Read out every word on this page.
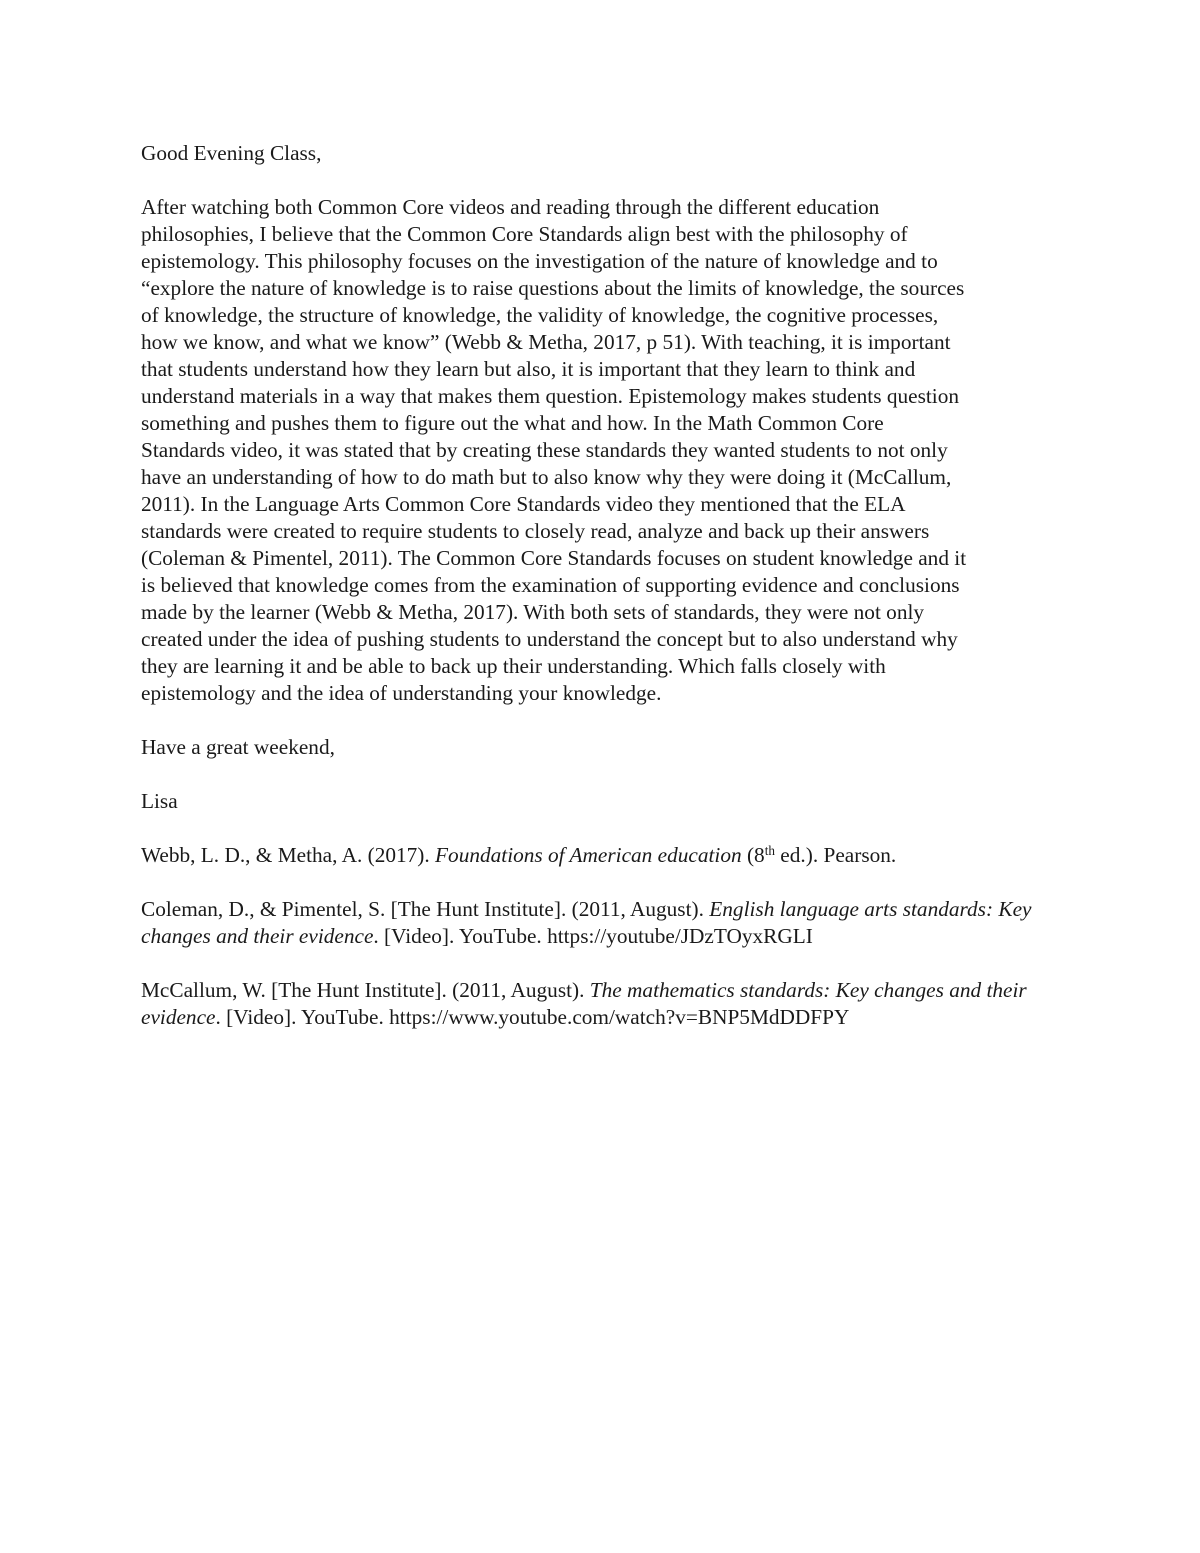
Good Evening Class,

After watching both Common Core videos and reading through the different education
philosophies, I believe that the Common Core Standards align best with the philosophy of
epistemology. This philosophy focuses on the investigation of the nature of knowledge and to
“explore the nature of knowledge is to raise questions about the limits of knowledge, the sources
of knowledge, the structure of knowledge, the validity of knowledge, the cognitive processes,
how we know, and what we know” (Webb & Metha, 2017, p 51). With teaching, it is important
that students understand how they learn but also, it is important that they learn to think and
understand materials in a way that makes them question. Epistemology makes students question
something and pushes them to figure out the what and how. In the Math Common Core
Standards video, it was stated that by creating these standards they wanted students to not only
have an understanding of how to do math but to also know why they were doing it (McCallum,
2011). In the Language Arts Common Core Standards video they mentioned that the ELA
standards were created to require students to closely read, analyze and back up their answers
(Coleman & Pimentel, 2011). The Common Core Standards focuses on student knowledge and it
is believed that knowledge comes from the examination of supporting evidence and conclusions
made by the learner (Webb & Metha, 2017). With both sets of standards, they were not only
created under the idea of pushing students to understand the concept but to also understand why
they are learning it and be able to back up their understanding. Which falls closely with
epistemology and the idea of understanding your knowledge.

Have a great weekend,

Lisa

Webb, L. D., & Metha, A. (2017). Foundations of American education (8th ed.). Pearson.

Coleman, D., & Pimentel, S. [The Hunt Institute]. (2011, August). English language arts standards: Key changes and their evidence. [Video]. YouTube. https://youtube/JDzTOyxRGLI

McCallum, W. [The Hunt Institute]. (2011, August). The mathematics standards: Key changes and their evidence. [Video]. YouTube. https://www.youtube.com/watch?v=BNP5MdDDFPY
